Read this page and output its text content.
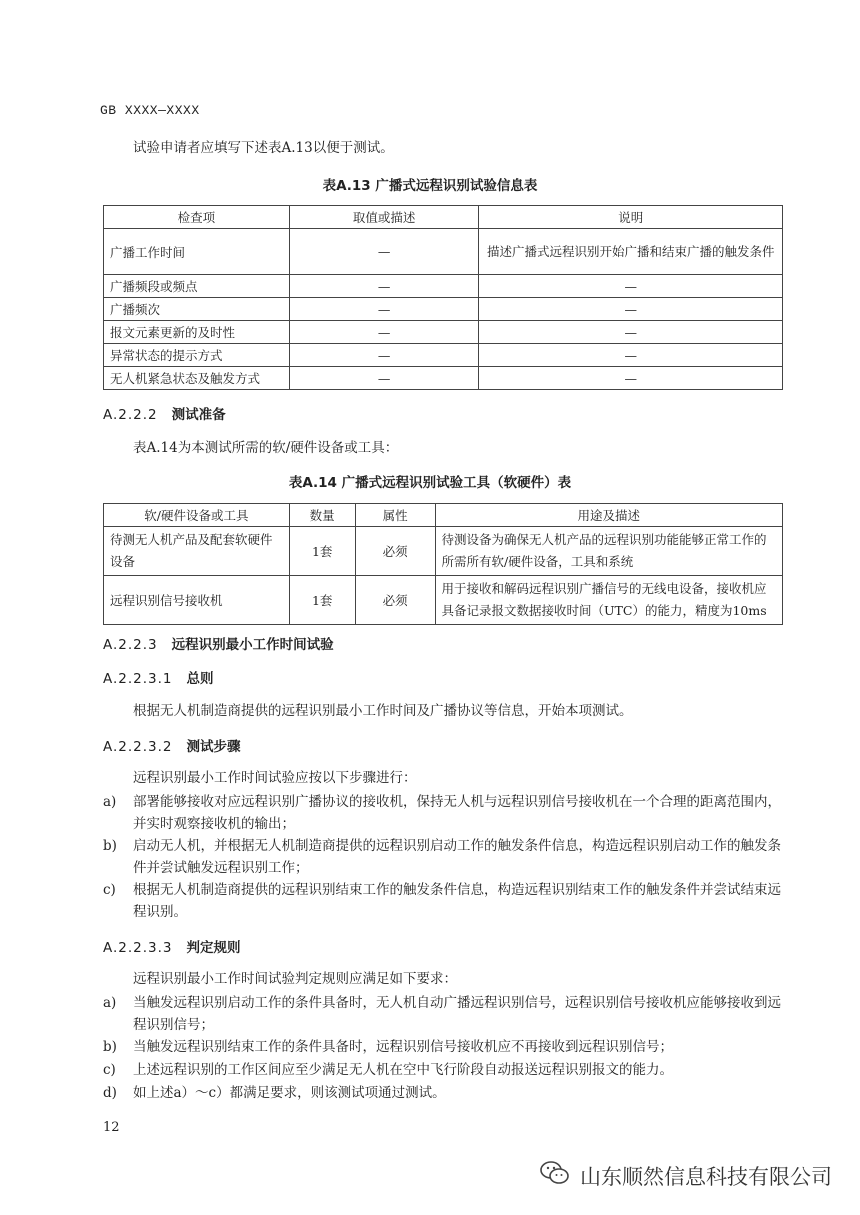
GB XXXX—XXXX
试验申请者应填写下述表A.13以便于测试。
表A.13 广播式远程识别试验信息表
检查项	取值或描述	说明
广播工作时间	—	描述广播式远程识别开始广播和结束广播的触发条件
广播频段或频点	—	—
广播频次	—	—
报文元素更新的及时性	—	—
异常状态的提示方式	—	—
无人机紧急状态及触发方式	—	—
A.2.2.2 测试准备
表A.14为本测试所需的软/硬件设备或工具：
表A.14 广播式远程识别试验工具（软硬件）表
软/硬件设备或工具	数量	属性	用途及描述
待测无人机产品及配套软硬件设备	1套	必须	待测设备为确保无人机产品的远程识别功能能够正常工作的所需所有软/硬件设备，工具和系统
远程识别信号接收机	1套	必须	用于接收和解码远程识别广播信号的无线电设备，接收机应具备记录报文数据接收时间（UTC）的能力，精度为10ms
A.2.2.3 远程识别最小工作时间试验
A.2.2.3.1 总则
根据无人机制造商提供的远程识别最小工作时间及广播协议等信息，开始本项测试。
A.2.2.3.2 测试步骤
远程识别最小工作时间试验应按以下步骤进行：
a) 部署能够接收对应远程识别广播协议的接收机，保持无人机与远程识别信号接收机在一个合理的距离范围内，并实时观察接收机的输出；
b) 启动无人机，并根据无人机制造商提供的远程识别启动工作的触发条件信息，构造远程识别启动工作的触发条件并尝试触发远程识别工作；
c) 根据无人机制造商提供的远程识别结束工作的触发条件信息，构造远程识别结束工作的触发条件并尝试结束远程识别。
A.2.2.3.3 判定规则
远程识别最小工作时间试验判定规则应满足如下要求：
a) 当触发远程识别启动工作的条件具备时，无人机自动广播远程识别信号，远程识别信号接收机应能够接收到远程识别信号；
b) 当触发远程识别结束工作的条件具备时，远程识别信号接收机应不再接收到远程识别信号；
c) 上述远程识别的工作区间应至少满足无人机在空中飞行阶段自动报送远程识别报文的能力。
d) 如上述a）～c）都满足要求，则该测试项通过测试。
12
山东顺然信息科技有限公司
